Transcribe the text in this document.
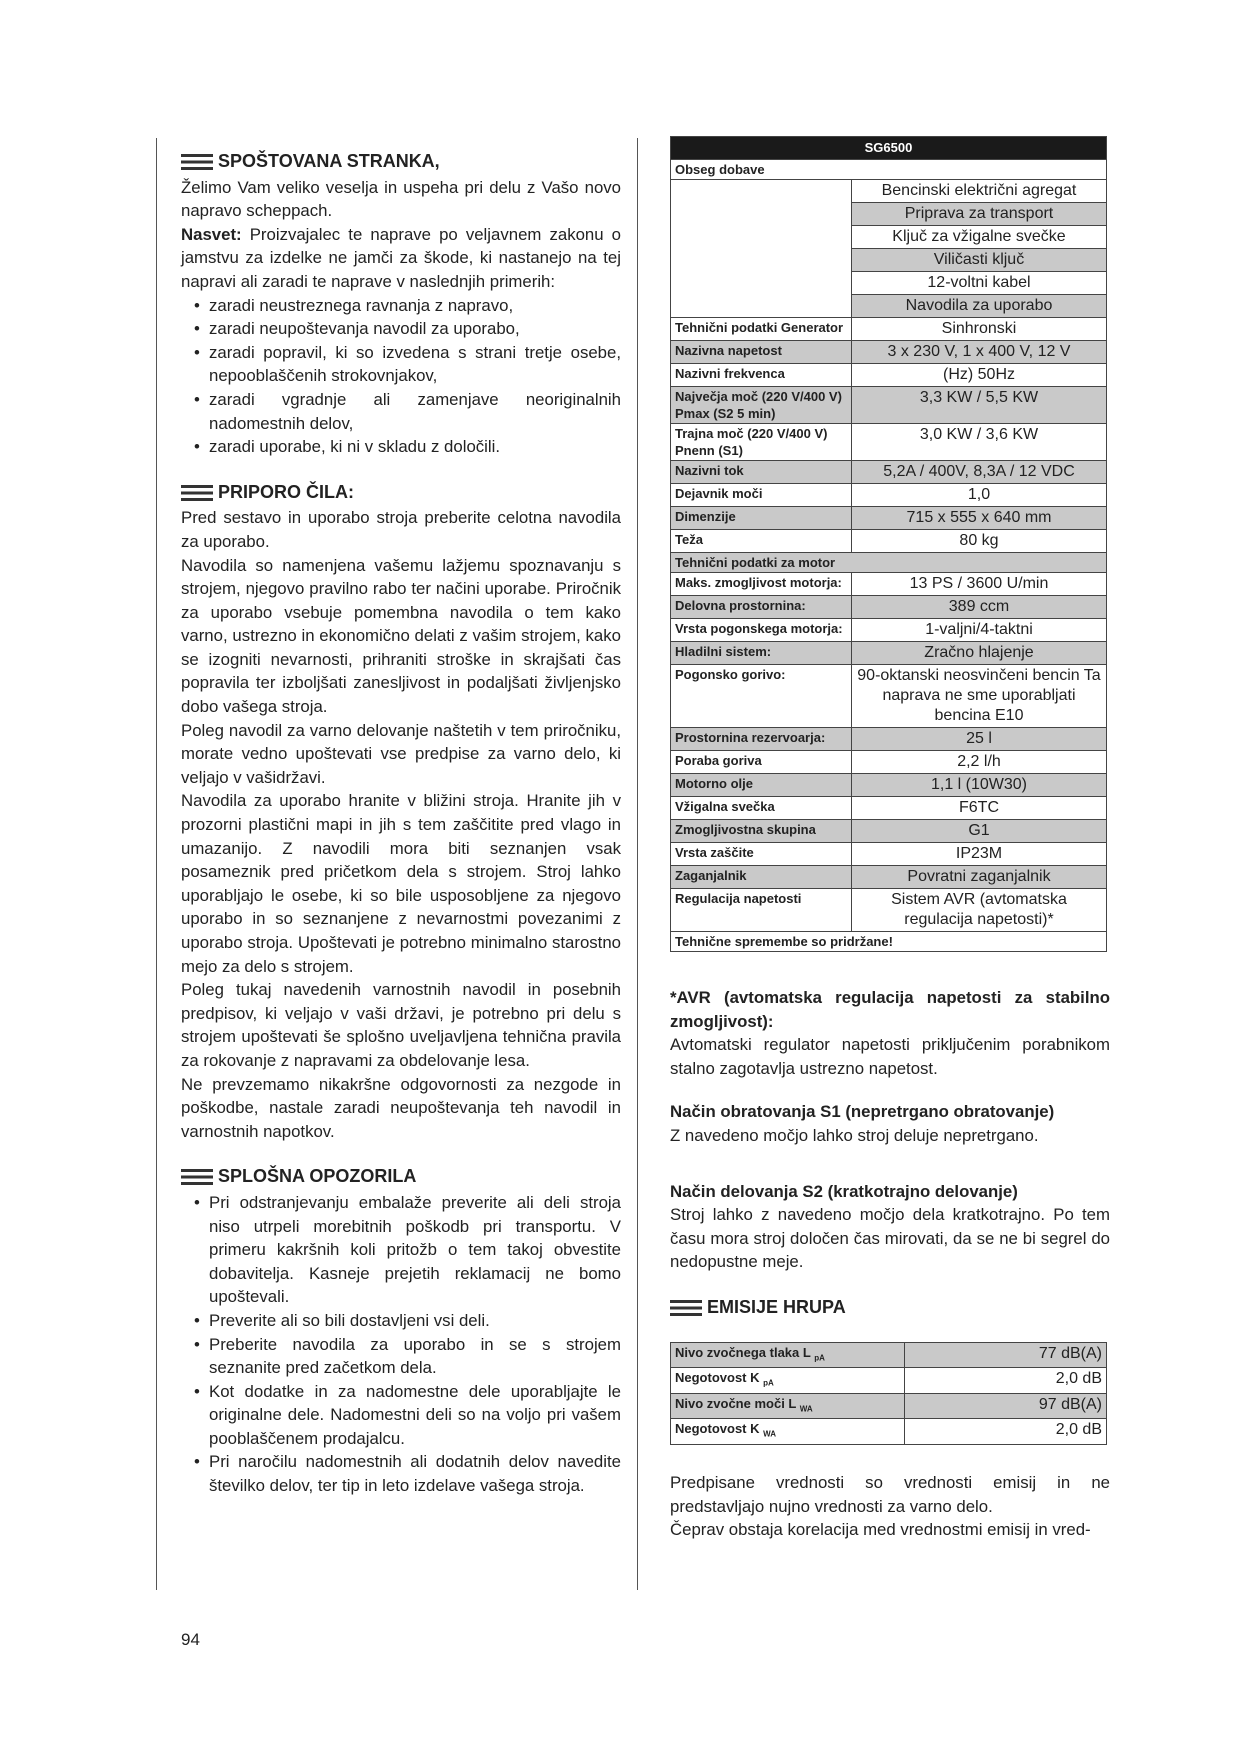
SPOŠTOVANA STRANKA,

Želimo Vam veliko veselja in uspeha pri delu z Vašo novo napravo scheppach.

Nasvet: Proizvajalec te naprave po veljavnem zakonu o jamstvu za izdelke ne jamči za škode, ki nastanejo na tej napravi ali zaradi te naprave v naslednjih primerih:

• zaradi neustreznega ravnanja z napravo,
• zaradi neupoštevanja navodil za uporabo,
• zaradi popravil, ki so izvedena s strani tretje osebe, nepooblaščenih strokovnjakov,
• zaradi vgradnje ali zamenjave neoriginalnih nadomestnih delov,
• zaradi uporabe, ki ni v skladu z določili.
PRIPORO ČILA:

Pred sestavo in uporabo stroja preberite celotna navodila za uporabo.

Navodila so namenjena vašemu lažjemu spoznavanju s strojem, njegovo pravilno rabo ter načini uporabe. Priročnik za uporabo vsebuje pomembna navodila o tem kako varno, ustrezno in ekonomično delati z vašim strojem, kako se izogniti nevarnosti, prihraniti stroške in skrajšati čas popravila ter izboljšati zanesljivost in podaljšati življenjsko dobo vašega stroja.

Poleg navodil za varno delovanje naštetih v tem priročniku, morate vedno upoštevati vse predpise za varno delo, ki veljajo v vašidržavi.

Navodila za uporabo hranite v bližini stroja. Hranite jih v prozorni plastični mapi in jih s tem zaščitite pred vlago in umazanijo. Z navodili mora biti seznanjen vsak posameznik pred pričetkom dela s strojem. Stroj lahko uporabljajo le osebe, ki so bile usposobljene za njegovo uporabo in so seznanjene z nevarnostmi povezanimi z uporabo stroja. Upoštevati je potrebno minimalno starostno mejo za delo s strojem.

Poleg tukaj navedenih varnostnih navodil in posebnih predpisov, ki veljajo v vaši državi, je potrebno pri delu s strojem upoštevati še splošno uveljavljena tehnična pravila za rokovanje z napravami za obdelovanje lesa.

Ne prevzemamo nikakršne odgovornosti za nezgode in poškodbe, nastale zaradi neupoštevanja teh navodil in varnostnih napotkov.

SPLOŠNA OPOZORILA
• Pri odstranjevanju embalaže preverite ali deli stroja niso utrpeli morebitnih poškodb pri transportu. V primeru kakršnih koli pritožb o tem takoj obvestite dobavitelja. Kasneje prejetih reklamacij ne bomo upoštevali.
• Preverite ali so bili dostavljeni vsi deli.
• Preberite navodila za uporabo in se s strojem seznanite pred začetkom dela.
• Kot dodatke in za nadomestne dele uporabljajte le originalne dele. Nadomestni deli so na voljo pri vašem pooblaščenem prodajalcu.
• Pri naročilu nadomestnih ali dodatnih delov navedite številko delov, ter tip in leto izdelave vašega stroja.
SG6500	
Obseg dobave	
	Bencinski električni agregat
	Priprava za transport
	Ključ za vžigalne svečke
	Viličasti ključ
	12-voltni kabel
	Navodila za uporabo
Tehnični podatki Generator	Sinhronski
Nazivna napetost	3 x 230 V, 1 x 400 V, 12 V
Nazivni frekvenca	(Hz) 50Hz
Največja moč (220 V/400 V) Pmax (S2 5 min)	3,3 KW / 5,5 KW
Trajna moč (220 V/400 V) Pnenn (S1)	3,0 KW / 3,6 KW
Nazivni tok	5,2A / 400V, 8,3A / 12 VDC
Dejavnik moči	1,0
Dimenzije	715 x 555 x 640 mm
Teža	80 kg
Tehnični podatki za motor	
Maks. zmogljivost motorja:	13 PS / 3600 U/min
Delovna prostornina:	389 ccm
Vrsta pogonskega motorja:	1-valjni/4-taktni
Hladilni sistem:	Zračno hlajenje
Pogonsko gorivo:	90-oktanski neosvinčeni bencin Ta naprava ne sme uporabljati bencina E10
Prostornina rezervoarja:	25 l
Poraba goriva	2,2 l/h
Motorno olje	1,1 l (10W30)
Vžigalna svečka	F6TC
Zmogljivostna skupina	G1
Vrsta zaščite	IP23M
Zaganjalnik	Povratni zaganjalnik
Regulacija napetosti	Sistem AVR (avtomatska regulacija napetosti)*
Tehnične spremembe so pridržane!	

*AVR (avtomatska regulacija napetosti za stabilno zmogljivost):

Avtomatski regulator napetosti priključenim porabnikom stalno zagotavlja ustrezno napetost.

Način obratovanja S1 (nepretrgano obratovanje)

Z navedeno močjo lahko stroj deluje nepretrgano.

Način delovanja S2 (kratkotrajno delovanje)

Stroj lahko z navedeno močjo dela kratkotrajno. Po tem času mora stroj določen čas mirovati, da se ne bi segrel do nedopustne meje.

EMISIJE HRUPA
Nivo zvočnega tlaka L $_{pA}$	77 dB(A)
Negotovost K $_{pA}$	2,0 dB
Nivo zvočne moči L $_{WA}$	97 dB(A)
Negotovost K $_{WA}$	2,0 dB

Predpisane vrednosti so vrednosti emisij in ne predstavljajo nujno vrednosti za varno delo.

Čeprav obstaja korelacija med vrednostmi emisij in vred-

94
